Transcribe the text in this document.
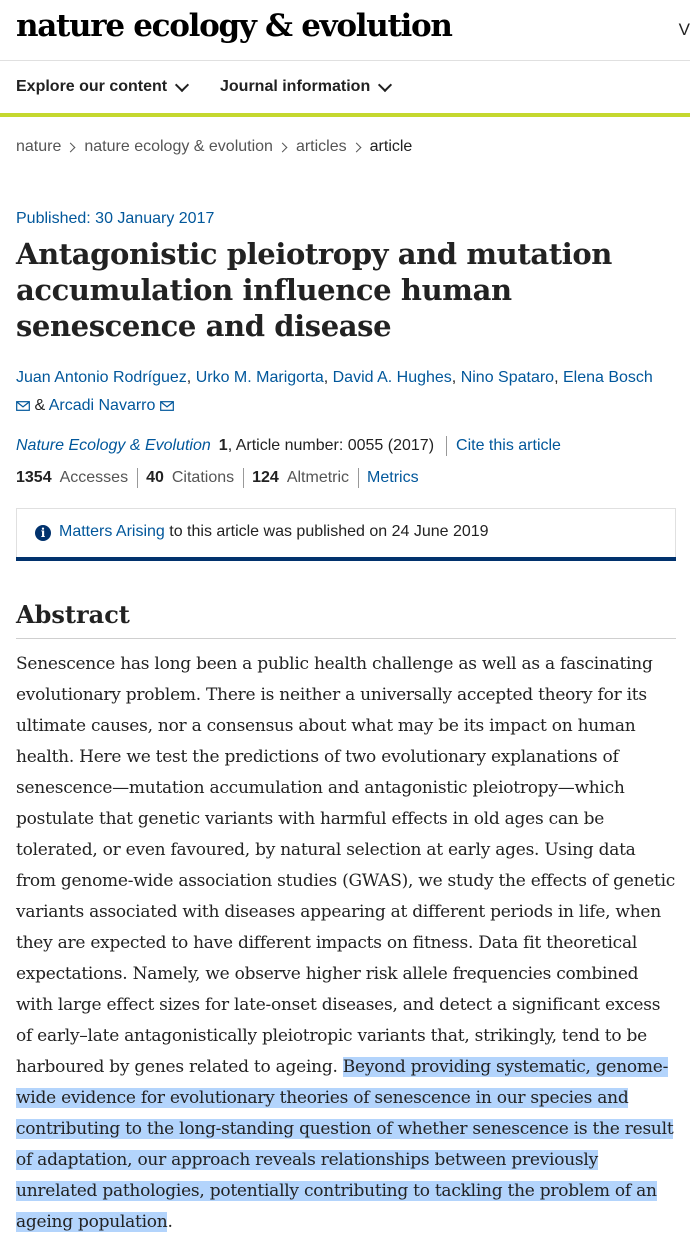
nature ecology & evolution	V
Explore our content	Journal information
nature nature ecology & evolution articles article
Published: 30 January 2017
Antagonistic pleiotropy and mutation accumulation influence human senescence and disease
Juan Antonio Rodríguez, Urko M. Marigorta, David A. Hughes, Nino Spataro, Elena Bosch
& Arcadi Navarro
Nature Ecology & Evolution 1 , Article number: 0055 (2017) Cite this article
1354 Accesses 40 Citations 124 Altmetric Metrics
i Matters Arising to this article was published on 24 June 2019
Abstract

Senescence has long been a public health challenge as well as a fascinating evolutionary problem. There is neither a universally accepted theory for its ultimate causes, nor a consensus about what may be its impact on human health. Here we test the predictions of two evolutionary explanations of senescence—mutation accumulation and antagonistic pleiotropy—which postulate that genetic variants with harmful effects in old ages can be tolerated, or even favoured, by natural selection at early ages. Using data from genome-wide association studies (GWAS), we study the effects of genetic variants associated with diseases appearing at different periods in life, when they are expected to have different impacts on fitness. Data fit theoretical expectations. Namely, we observe higher risk allele frequencies combined with large effect sizes for late-onset diseases, and detect a significant excess of early–late antagonistically pleiotropic variants that, strikingly, tend to be harboured by genes related to ageing. Beyond providing systematic, genome-wide evidence for evolutionary theories of senescence in our species and contributing to the long-standing question of whether senescence is the result of adaptation, our approach reveals relationships between previously unrelated pathologies, potentially contributing to tackling the problem of an ageing population.
